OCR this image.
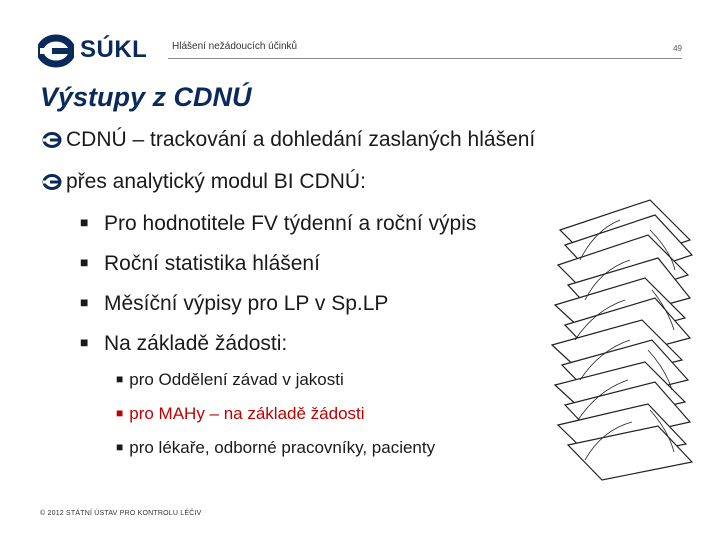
SÚKL Hlášení nežádoucích účinků	49
Výstupy z CDNÚ
CDNÚ – trackování a dohledání zaslaných hlášení
přes analytický modul BI CDNÚ:
■ Pro hodnotitele FV týdenní a roční výpis
■ Roční statistika hlášení
■ Měsíční výpisy pro LP v Sp.LP
■ Na základě žádosti:
■ pro Oddělení závad v jakosti
■ pro MAHy – na základě žádosti
■ pro lékaře, odborné pracovníky, pacienty
© 2012 STÁTNÍ ÚSTAV PRO KONTROLU LÉČIV
